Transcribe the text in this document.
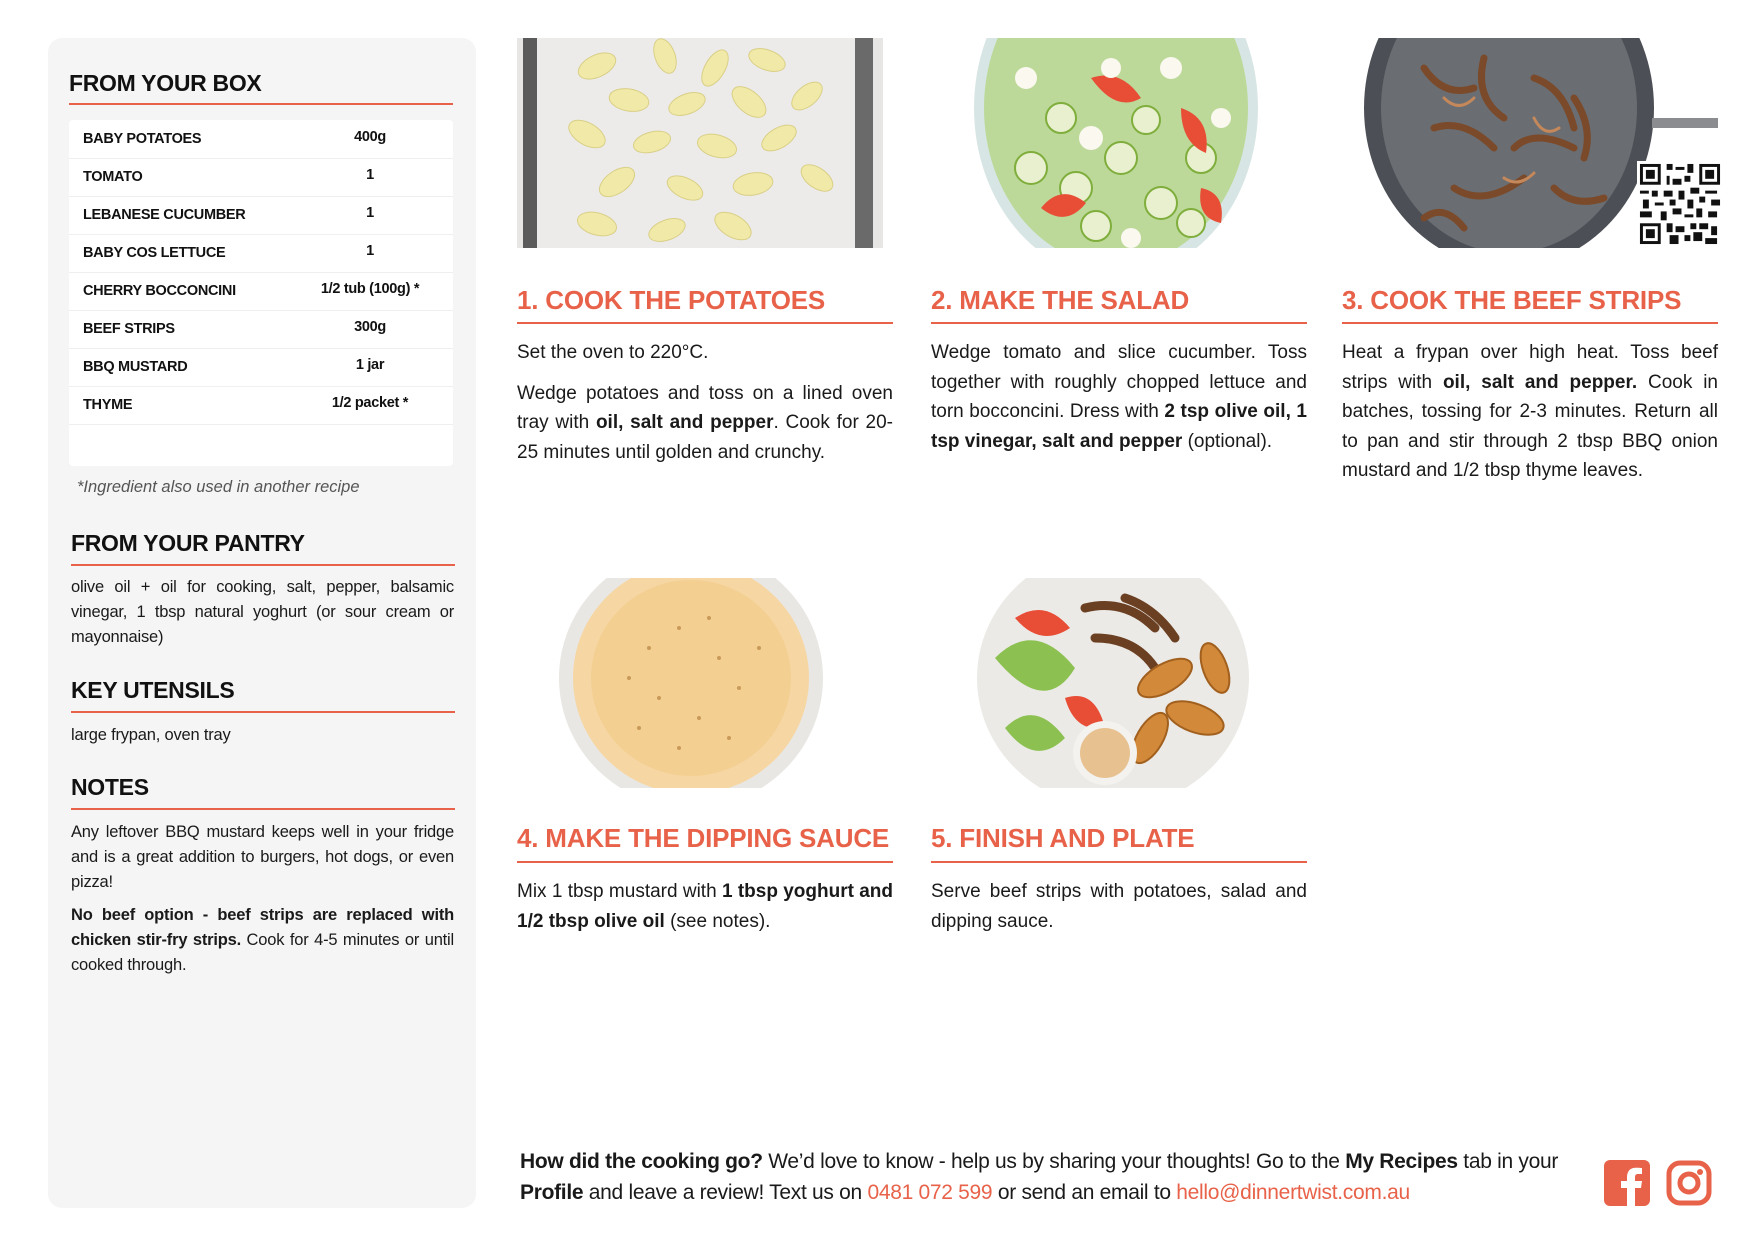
FROM YOUR BOX
BABY POTATOES	400g
TOMATO	1
LEBANESE CUCUMBER	1
BABY COS LETTUCE	1
CHERRY BOCCONCINI	1/2 tub (100g) *
BEEF STRIPS	300g
BBQ MUSTARD	1 jar
THYME	1/2 packet *
*Ingredient also used in another recipe
FROM YOUR PANTRY
olive oil + oil for cooking, salt, pepper, balsamic vinegar, 1 tbsp natural yoghurt (or sour cream or mayonnaise)
KEY UTENSILS
large frypan, oven tray
NOTES

Any leftover BBQ mustard keeps well in your fridge and is a great addition to burgers, hot dogs, or even pizza!

No beef option - beef strips are replaced with chicken stir-fry strips. Cook for 4-5 minutes or until cooked through.

1. COOK THE POTATOES

Set the oven to 220°C.

Wedge potatoes and toss on a lined oven tray with oil, salt and pepper. Cook for 20-25 minutes until golden and crunchy.

2. MAKE THE SALAD

Wedge tomato and slice cucumber. Toss together with roughly chopped lettuce and torn bocconcini. Dress with 2 tsp olive oil, 1 tsp vinegar, salt and pepper (optional).

3. COOK THE BEEF STRIPS

Heat a frypan over high heat. Toss beef strips with oil, salt and pepper. Cook in batches, tossing for 2-3 minutes. Return all to pan and stir through 2 tbsp BBQ onion mustard and 1/2 tbsp thyme leaves.

4. MAKE THE DIPPING SAUCE

Mix 1 tbsp mustard with 1 tbsp yoghurt and 1/2 tbsp olive oil (see notes).

5. FINISH AND PLATE

Serve beef strips with potatoes, salad and dipping sauce.

How did the cooking go? We’d love to know - help us by sharing your thoughts! Go to the My Recipes tab in your Profile and leave a review! Text us on 0481 072 599 or send an email to hello@dinnertwist.com.au
